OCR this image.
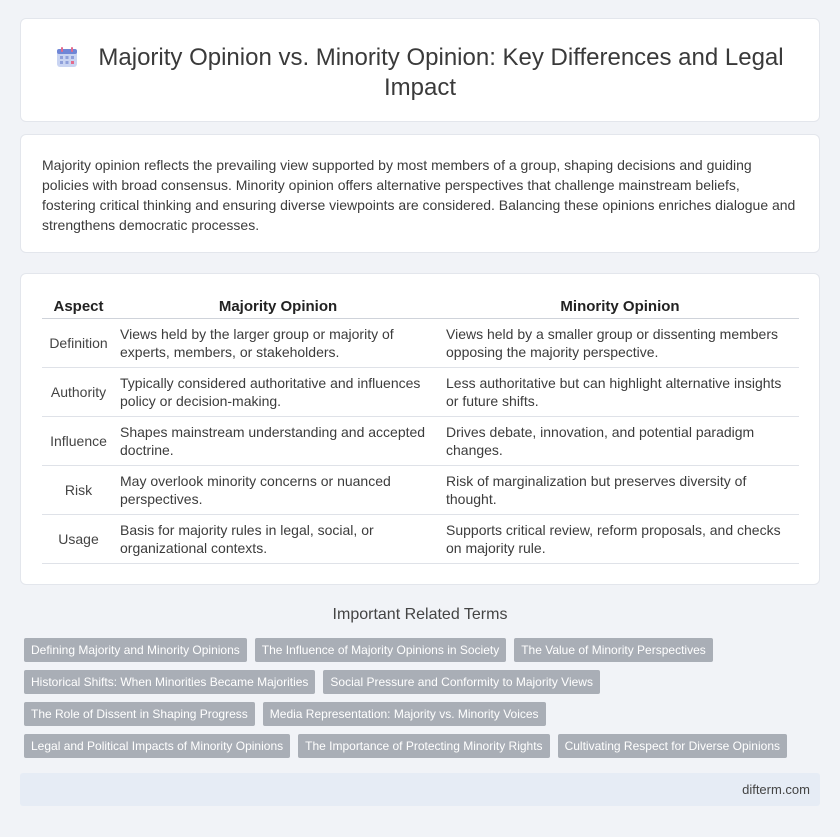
Majority Opinion vs. Minority Opinion: Key Differences and Legal Impact

Majority opinion reflects the prevailing view supported by most members of a group, shaping decisions and guiding policies with broad consensus. Minority opinion offers alternative perspectives that challenge mainstream beliefs, fostering critical thinking and ensuring diverse viewpoints are considered. Balancing these opinions enriches dialogue and strengthens democratic processes.

Aspect	Majority Opinion	Minority Opinion
Definition	Views held by the larger group or majority of experts, members, or stakeholders.	Views held by a smaller group or dissenting members opposing the majority perspective.
Authority	Typically considered authoritative and influences policy or decision-making.	Less authoritative but can highlight alternative insights or future shifts.
Influence	Shapes mainstream understanding and accepted doctrine.	Drives debate, innovation, and potential paradigm changes.
Risk	May overlook minority concerns or nuanced perspectives.	Risk of marginalization but preserves diversity of thought.
Usage	Basis for majority rules in legal, social, or organizational contexts.	Supports critical review, reform proposals, and checks on majority rule.
Important Related Terms
Defining Majority and Minority Opinions The Influence of Majority Opinions in Society The Value of Minority Perspectives
Historical Shifts: When Minorities Became Majorities Social Pressure and Conformity to Majority Views
The Role of Dissent in Shaping Progress Media Representation: Majority vs. Minority Voices
Legal and Political Impacts of Minority Opinions The Importance of Protecting Minority Rights Cultivating Respect for Diverse Opinions
difterm.com
